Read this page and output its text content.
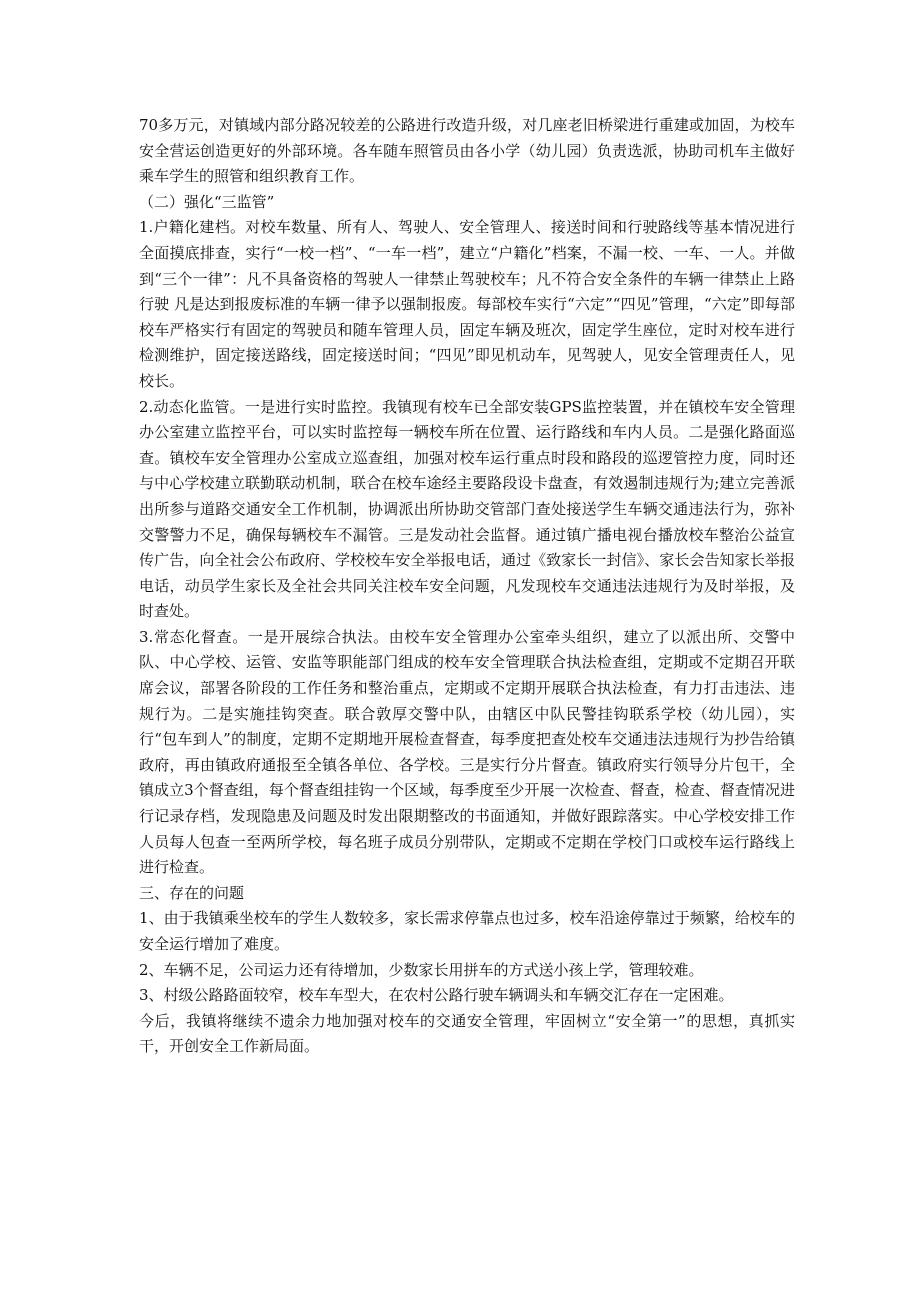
70多万元，对镇域内部分路况较差的公路进行改造升级，对几座老旧桥梁进行重建或加固，为校车安全营运创造更好的外部环境。各车随车照管员由各小学（幼儿园）负责选派，协助司机车主做好乘车学生的照管和组织教育工作。

（二）强化“三监管”

1.户籍化建档。对校车数量、所有人、驾驶人、安全管理人、接送时间和行驶路线等基本情况进行全面摸底排查，实行“一校一档”、“一车一档”，建立“户籍化”档案，不漏一校、一车、一人。并做到“三个一律”：凡不具备资格的驾驶人一律禁止驾驶校车；凡不符合安全条件的车辆一律禁止上路行驶 凡是达到报废标准的车辆一律予以强制报废。每部校车实行“六定”“四见”管理，“六定”即每部校车严格实行有固定的驾驶员和随车管理人员，固定车辆及班次，固定学生座位，定时对校车进行检测维护，固定接送路线，固定接送时间；“四见”即见机动车，见驾驶人，见安全管理责任人，见校长。

2.动态化监管。一是进行实时监控。我镇现有校车已全部安装GPS监控装置，并在镇校车安全管理办公室建立监控平台，可以实时监控每一辆校车所在位置、运行路线和车内人员。二是强化路面巡查。镇校车安全管理办公室成立巡查组，加强对校车运行重点时段和路段的巡逻管控力度，同时还与中心学校建立联勤联动机制，联合在校车途经主要路段设卡盘查，有效遏制违规行为;建立完善派出所参与道路交通安全工作机制，协调派出所协助交管部门查处接送学生车辆交通违法行为，弥补交警警力不足，确保每辆校车不漏管。三是发动社会监督。通过镇广播电视台播放校车整治公益宣传广告，向全社会公布政府、学校校车安全举报电话，通过《致家长一封信》、家长会告知家长举报电话，动员学生家长及全社会共同关注校车安全问题，凡发现校车交通违法违规行为及时举报，及时查处。

3.常态化督查。一是开展综合执法。由校车安全管理办公室牵头组织，建立了以派出所、交警中队、中心学校、运管、安监等职能部门组成的校车安全管理联合执法检查组，定期或不定期召开联席会议，部署各阶段的工作任务和整治重点，定期或不定期开展联合执法检查，有力打击违法、违规行为。二是实施挂钩突查。联合敦厚交警中队，由辖区中队民警挂钩联系学校（幼儿园），实行“包车到人”的制度，定期不定期地开展检查督查，每季度把查处校车交通违法违规行为抄告给镇政府，再由镇政府通报至全镇各单位、各学校。三是实行分片督查。镇政府实行领导分片包干，全镇成立3个督查组，每个督查组挂钩一个区域，每季度至少开展一次检查、督查，检查、督查情况进行记录存档，发现隐患及问题及时发出限期整改的书面通知，并做好跟踪落实。中心学校安排工作人员每人包查一至两所学校，每名班子成员分别带队，定期或不定期在学校门口或校车运行路线上进行检查。

三、存在的问题

1、由于我镇乘坐校车的学生人数较多，家长需求停靠点也过多，校车沿途停靠过于频繁，给校车的安全运行增加了难度。

2、车辆不足，公司运力还有待增加，少数家长用拼车的方式送小孩上学，管理较难。

3、村级公路路面较窄，校车车型大，在农村公路行驶车辆调头和车辆交汇存在一定困难。

今后，我镇将继续不遗余力地加强对校车的交通安全管理，牢固树立“安全第一”的思想，真抓实干，开创安全工作新局面。
